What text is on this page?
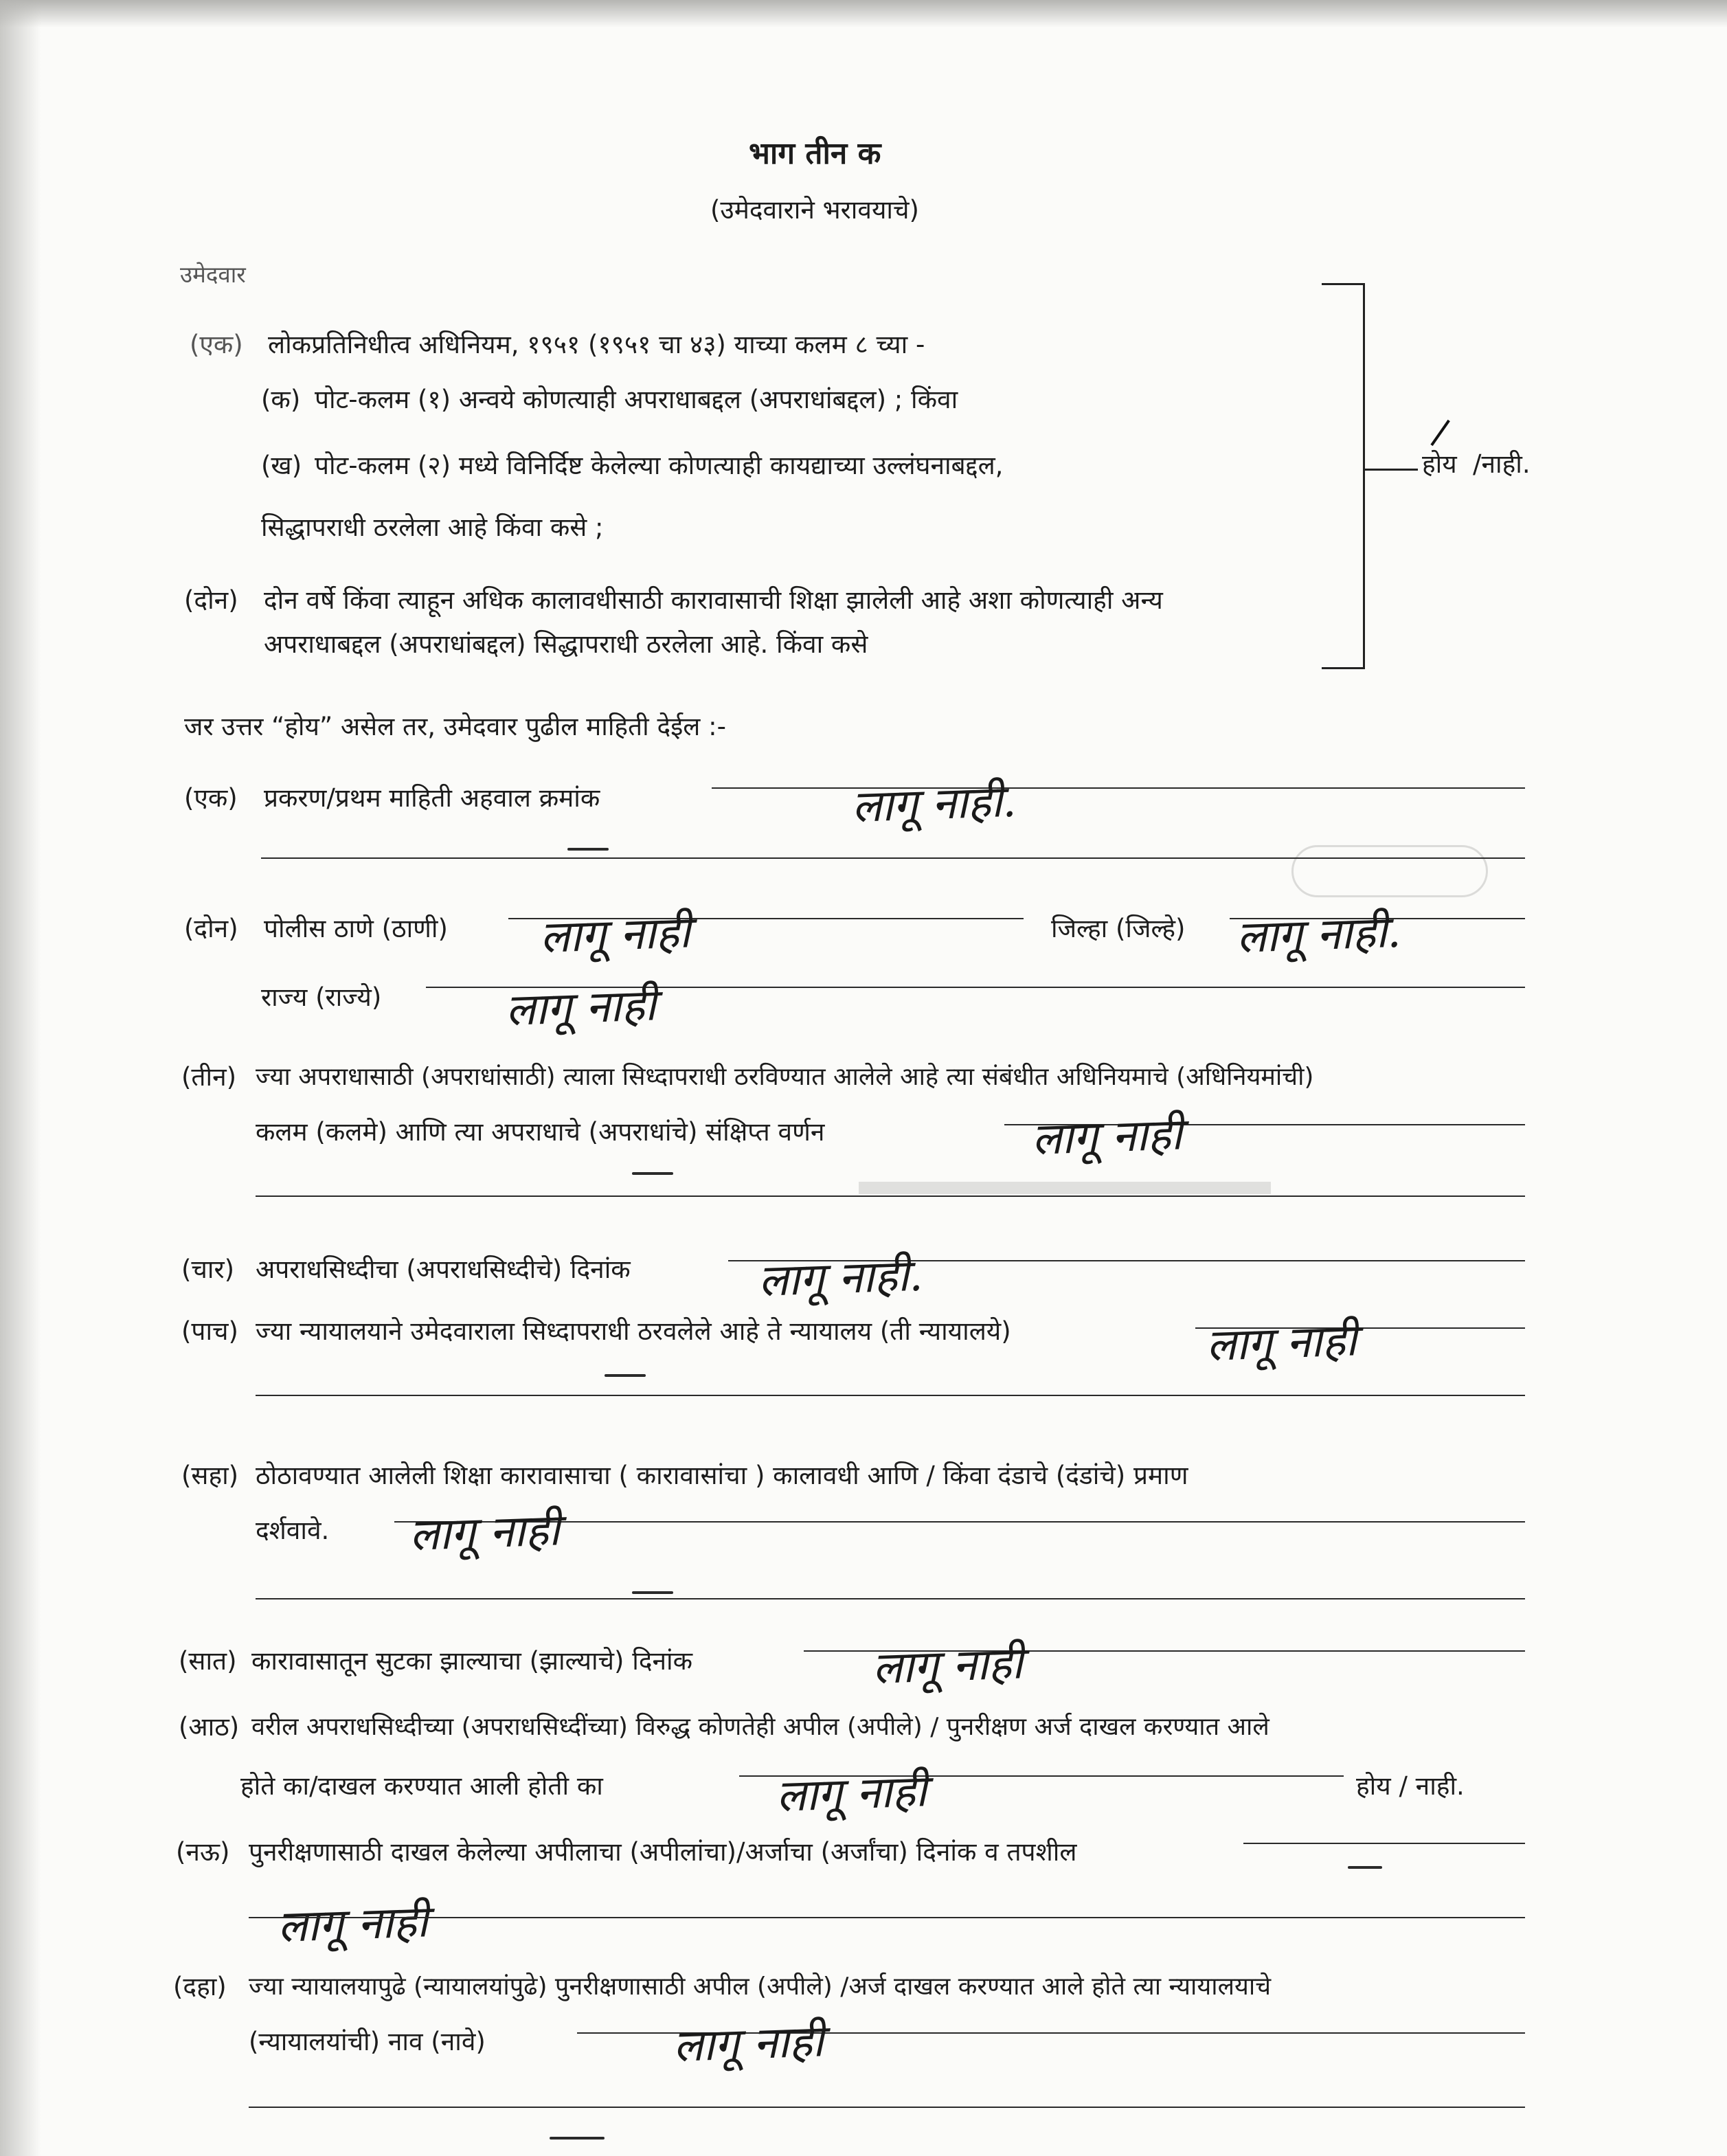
भाग तीन क
(उमेदवाराने भरावयाचे)
उमेदवार
(एक) लोकप्रतिनिधीत्व अधिनियम, १९५१ (१९५१ चा ४३) याच्या कलम ८ च्या -
(क) पोट-कलम (१) अन्वये कोणत्याही अपराधाबद्दल (अपराधांबद्दल) ; किंवा
(ख) पोट-कलम (२) मध्ये विनिर्दिष्ट केलेल्या कोणत्याही कायद्याच्या उल्लंघनाबद्दल,
सिद्धापराधी ठरलेला आहे किंवा कसे ;
(दोन) दोन वर्षे किंवा त्याहून अधिक कालावधीसाठी कारावासाची शिक्षा झालेली आहे अशा कोणत्याही अन्य
अपराधाबद्दल (अपराधांबद्दल) सिद्धापराधी ठरलेला आहे. किंवा कसे
होय /नाही.
जर उत्तर “होय” असेल तर, उमेदवार पुढील माहिती देईल :-
(एक) प्रकरण/प्रथम माहिती अहवाल क्रमांक	लागू नाही.
(दोन) पोलीस ठाणे (ठाणी) लागू नाही	जिल्हा (जिल्हे) लागू नाही.
राज्य (राज्ये)	लागू नाही
(तीन) ज्या अपराधासाठी (अपराधांसाठी) त्याला सिध्दापराधी ठरविण्यात आलेले आहे त्या संबंधीत अधिनियमाचे (अधिनियमांची)
कलम (कलमे) आणि त्या अपराधाचे (अपराधांचे) संक्षिप्त वर्णन	लागू नाही
(चार) अपराधसिध्दीचा (अपराधसिध्दीचे) दिनांक	लागू नाही.
(पाच) ज्या न्यायालयाने उमेदवाराला सिध्दापराधी ठरवलेले आहे ते न्यायालय (ती न्यायालये)	लागू नाही
(सहा) ठोठावण्यात आलेली शिक्षा कारावासाचा ( कारावासांचा ) कालावधी आणि / किंवा दंडाचे (दंडांचे) प्रमाण
दर्शवावे. लागू नाही
(सात) कारावासातून सुटका झाल्याचा (झाल्याचे) दिनांक	लागू नाही
(आठ) वरील अपराधसिध्दीच्या (अपराधसिध्दींच्या) विरुद्ध कोणतेही अपील (अपीले) / पुनरीक्षण अर्ज दाखल करण्यात आले
होते का/दाखल करण्यात आली होती का	लागू नाही	होय / नाही.
(नऊ) पुनरीक्षणासाठी दाखल केलेल्या अपीलाचा (अपीलांचा)/अर्जाचा (अर्जांचा) दिनांक व तपशील
लागू नाही
(दहा) ज्या न्यायालयापुढे (न्यायालयांपुढे) पुनरीक्षणासाठी अपील (अपीले) /अर्ज दाखल करण्यात आले होते त्या न्यायालयाचे
(न्यायालयांची) नाव (नावे)	लागू नाही
